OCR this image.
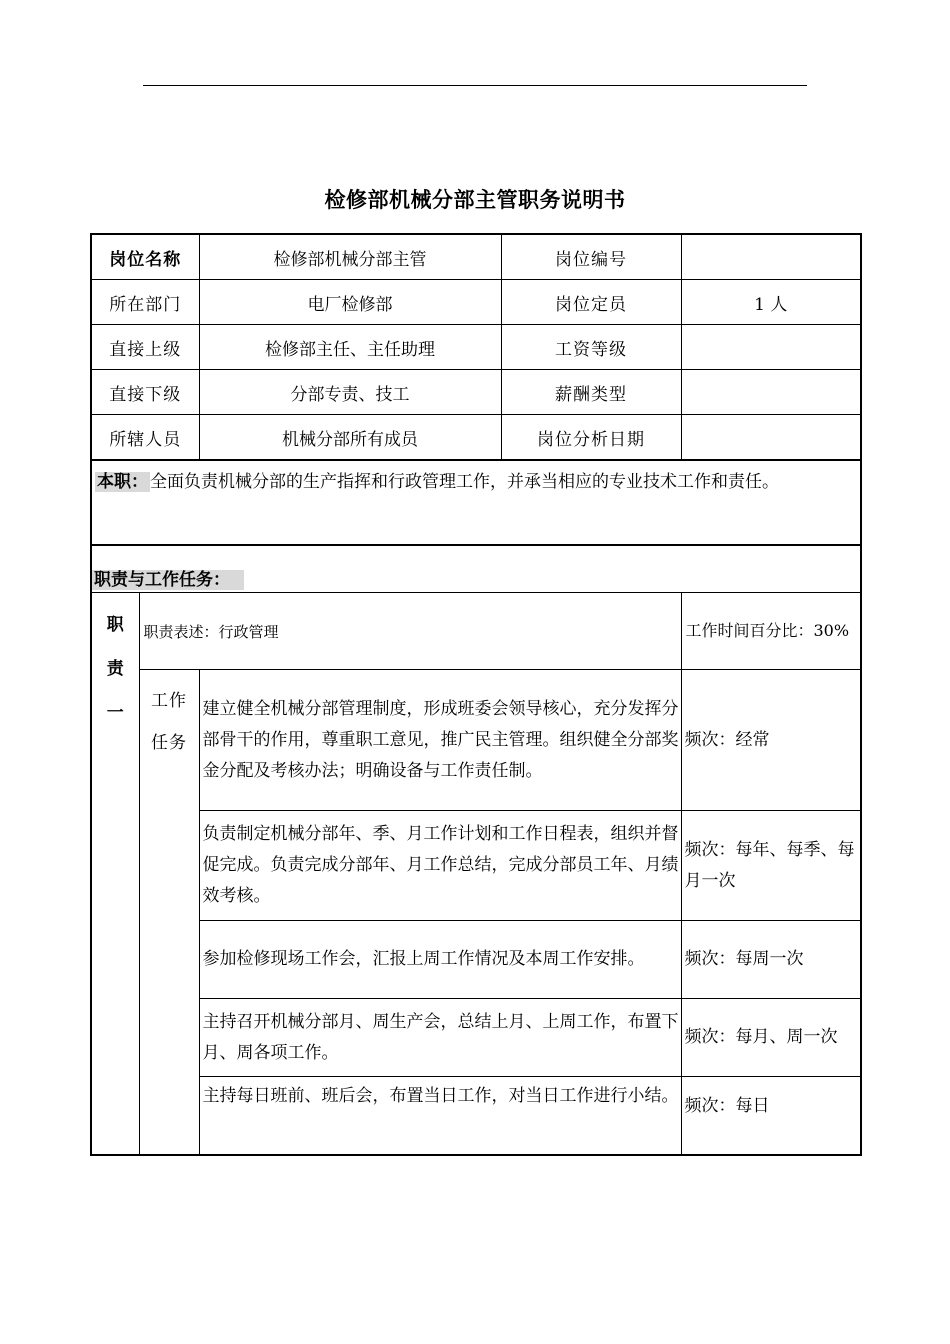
检修部机械分部主管职务说明书
岗位名称		检修部机械分部主管	岗位编号	
所在部门		电厂检修部	岗位定员	1 人
直接上级		检修部主任、主任助理	工资等级	
直接下级		分部专责、技工	薪酬类型	
所辖人员		机械分部所有成员	岗位分析日期	
本职： 全面负责机械分部的生产指挥和行政管理工作，并承当相应的专业技术工作和责任。				
职责与工作任务：				

职
责
一	职责表述：行政管理			工作时间百分比：30%

	工作任务	建立健全机械分部管理制度，形成班委会领导核心，充分发挥分部骨干的作用，尊重职工意见，推广民主管理。组织健全分部奖金分配及考核办法；明确设备与工作责任制。		频次：经常
		负责制定机械分部年、季、月工作计划和工作日程表，组织并督促完成。负责完成分部年、月工作总结，完成分部员工年、月绩效考核。		频次：每年、每季、每月一次
		参加检修现场工作会，汇报上周工作情况及本周工作安排。		频次：每周一次
		主持召开机械分部月、周生产会，总结上月、上周工作，布置下月、周各项工作。		频次：每月、周一次
		主持每日班前、班后会，布置当日工作，对当日工作进行小结。		频次：每日
